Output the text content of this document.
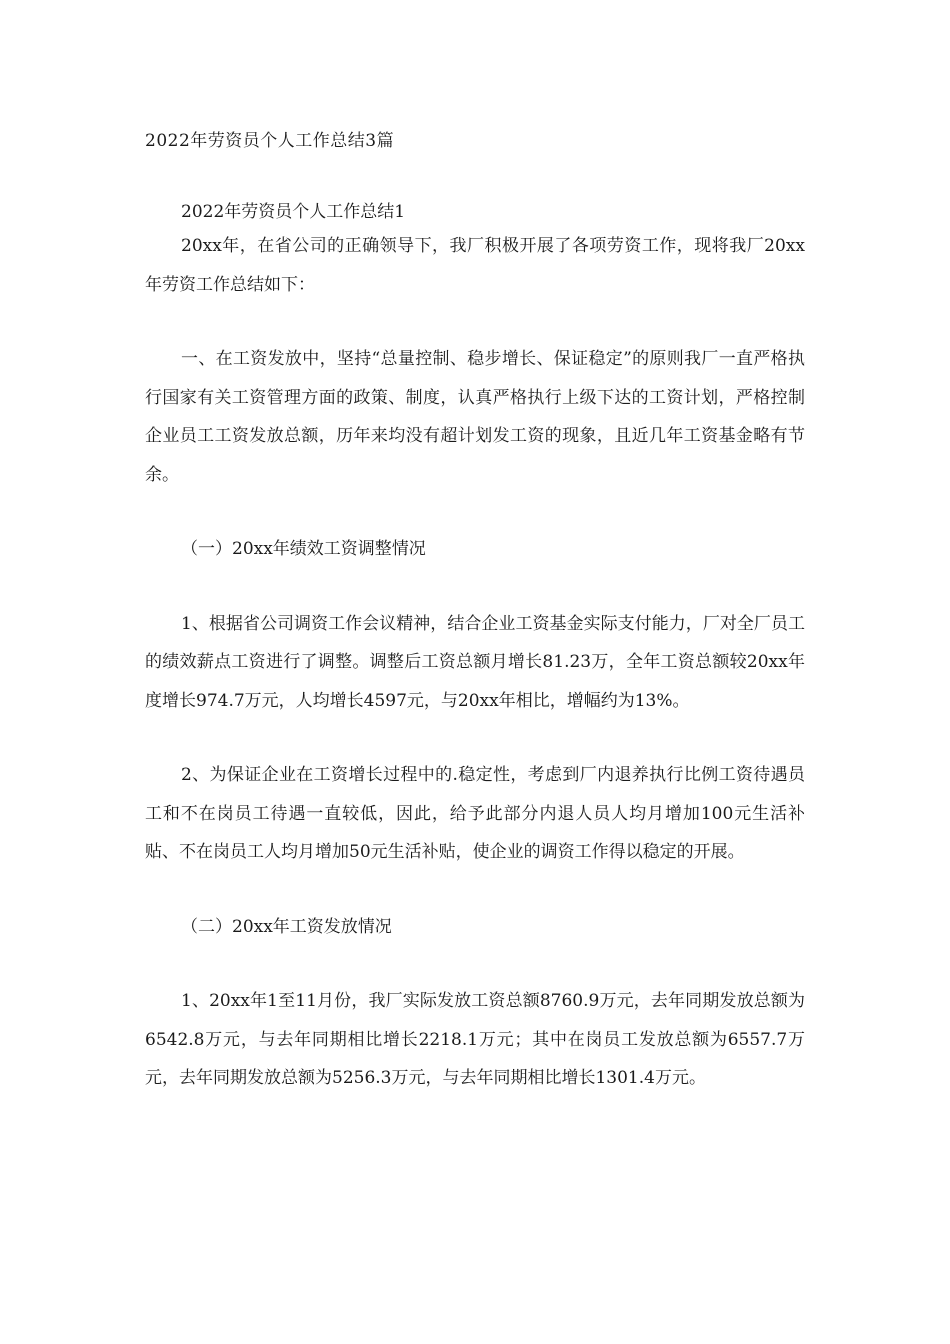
2022年劳资员个人工作总结3篇
2022年劳资员个人工作总结1

20xx年，在省公司的正确领导下，我厂积极开展了各项劳资工作，现将我厂20xx年劳资工作总结如下：

一、在工资发放中，坚持“总量控制、稳步增长、保证稳定”的原则我厂一直严格执行国家有关工资管理方面的政策、制度，认真严格执行上级下达的工资计划，严格控制企业员工工资发放总额，历年来均没有超计划发工资的现象，且近几年工资基金略有节余。

（一）20xx年绩效工资调整情况

1、根据省公司调资工作会议精神，结合企业工资基金实际支付能力，厂对全厂员工的绩效薪点工资进行了调整。调整后工资总额月增长81.23万，全年工资总额较20xx年度增长974.7万元，人均增长4597元，与20xx年相比，增幅约为13%。

2、为保证企业在工资增长过程中的.稳定性，考虑到厂内退养执行比例工资待遇员工和不在岗员工待遇一直较低，因此，给予此部分内退人员人均月增加100元生活补贴、不在岗员工人均月增加50元生活补贴，使企业的调资工作得以稳定的开展。

（二）20xx年工资发放情况

1、20xx年1至11月份，我厂实际发放工资总额8760.9万元，去年同期发放总额为6542.8万元，与去年同期相比增长2218.1万元；其中在岗员工发放总额为6557.7万元，去年同期发放总额为5256.3万元，与去年同期相比增长1301.4万元。
